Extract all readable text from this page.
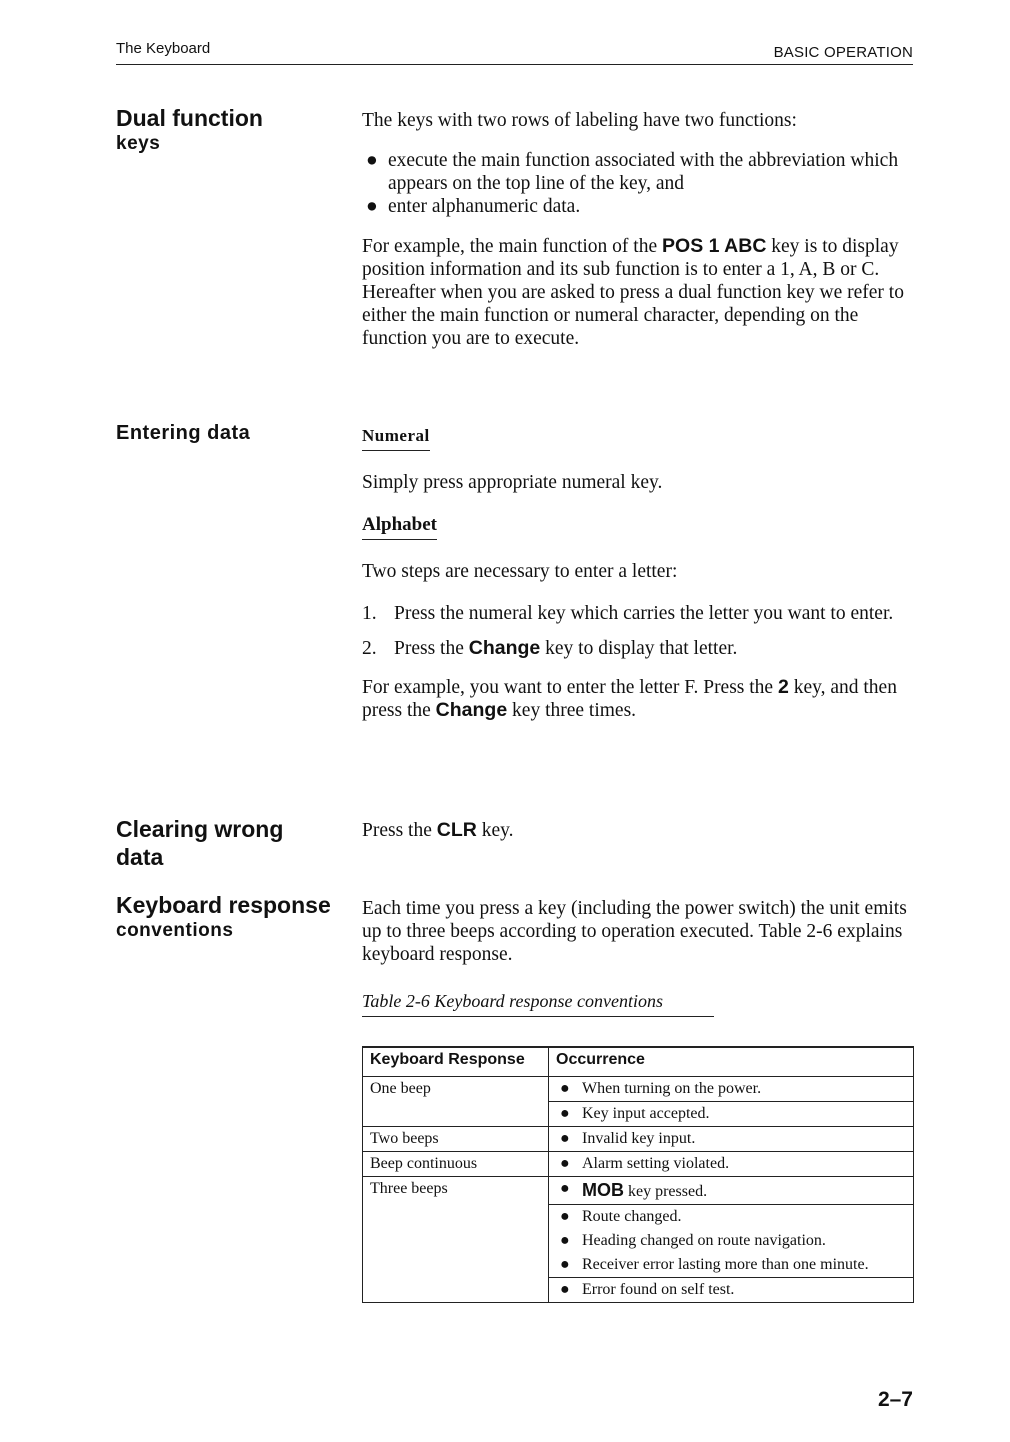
The Keyboard	BASIC OPERATION
Dual function
keys

The keys with two rows of labeling have two functions:

● execute the main function associated with the abbreviation which appears on the top line of the key, and
● enter alphanumeric data.

For example, the main function of the POS 1 ABC key is to display position information and its sub function is to enter a 1, A, B or C. Hereafter when you are asked to press a dual function key we refer to either the main function or numeral character, depending on the function you are to execute.

Entering data	Numeral

Simply press appropriate numeral key.

Alphabet

Two steps are necessary to enter a letter:

1. Press the numeral key which carries the letter you want to enter.
2. Press the Change key to display that letter.

For example, you want to enter the letter F. Press the 2 key, and then press the Change key three times.

Clearing wrong
data

Press the CLR key.

Keyboard response
conventions

Each time you press a key (including the power switch) the unit emits up to three beeps according to operation executed. Table 2-6 explains keyboard response.

Table 2-6 Keyboard response conventions
Keyboard Response	Occurrence
One beep	● When turning on the power.

	● Key input accepted.
Two beeps	● Invalid key input.
Beep continuous	● Alarm setting violated.
Three beeps	● MOB key pressed.

	● Route changed.

	● Heading changed on route navigation.

	● Receiver error lasting more than one minute.

	● Error found on self test.
2–7
